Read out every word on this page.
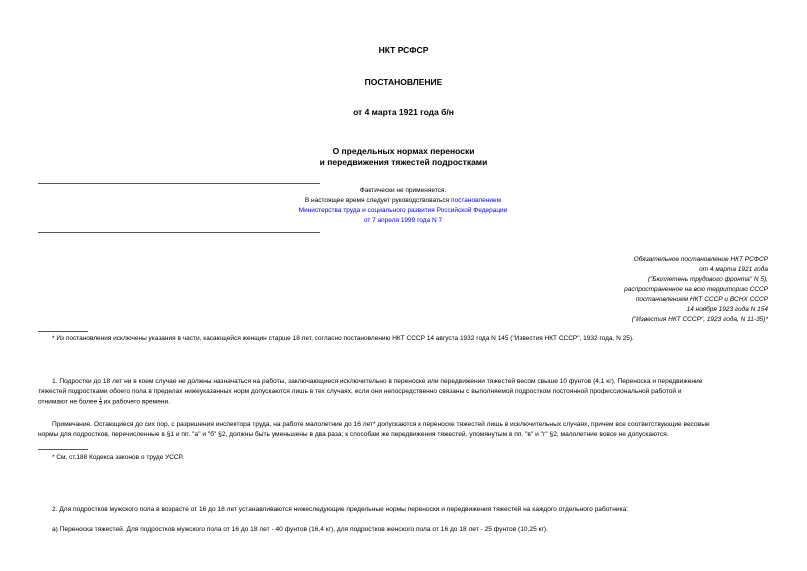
НКТ РСФСР
ПОСТАНОВЛЕНИЕ
от 4 марта 1921 года б/н
О предельных нормах переноски
и передвижения тяжестей подростками
Фактически не применяется.
В настоящее время следует руководствоваться постановлением
Министерства труда и социального развития Российской Федерации
от 7 апреля 1999 года N 7
Обязательное постановление НКТ РСФСР
от 4 марта 1921 года
("Бюллетень трудового фронта" N 5),
распространенное на всю территорию СССР
постановлением НКТ СССР и ВСНХ СССР
14 ноября 1923 года N 154
("Известия НКТ СССР", 1923 года, N 11-35)*
* Из постановления исключены указания в части, касающейся женщин старше 18 лет, согласно постановлению НКТ СССР 14 августа 1932 года N 145 ("Известия НКТ СССР", 1932 года, N 25).
1. Подростки до 18 лет ни в коем случае не должны назначаться на работы, заключающиеся исключительно в переноске или передвижении тяжестей весом свыше 10 фунтов (4,1 кг). Переноска и передвижение
тяжестей подростками обоего пола в пределах нижеуказанных норм допускаются лишь в тех случаях, если они непосредственно связаны с выполняемой подростком постоянной профессиональной работой и
отнимают не более $\frac{1}{3}$ их рабочего времени.
Примечание. Остающиеся до сих пор, с разрешения инспектора труда, на работе малолетние до 16 лет* допускаются к переноске тяжестей лишь в исключительных случаях, причем все соответствующие весовые
нормы для подростков, перечисленные в §1 и пп. "а" и "б" §2, должны быть уменьшены в два раза; к способам же передвижения тяжестей, упомянутым в пп. "в" и "г" §2, малолетние вовсе не допускаются.
* См. ст.188 Кодекса законов о труде УССР.
2. Для подростков мужского пола в возрасте от 16 до 18 лет устанавливаются нижеследующие предельные нормы переноски и передвижения тяжестей на каждого отдельного работника:
а) Переноска тяжестей. Для подростков мужского пола от 16 до 18 лет - 40 фунтов (16,4 кг), для подростков женского пола от 16 до 18 лет - 25 фунтов (10,25 кг).
